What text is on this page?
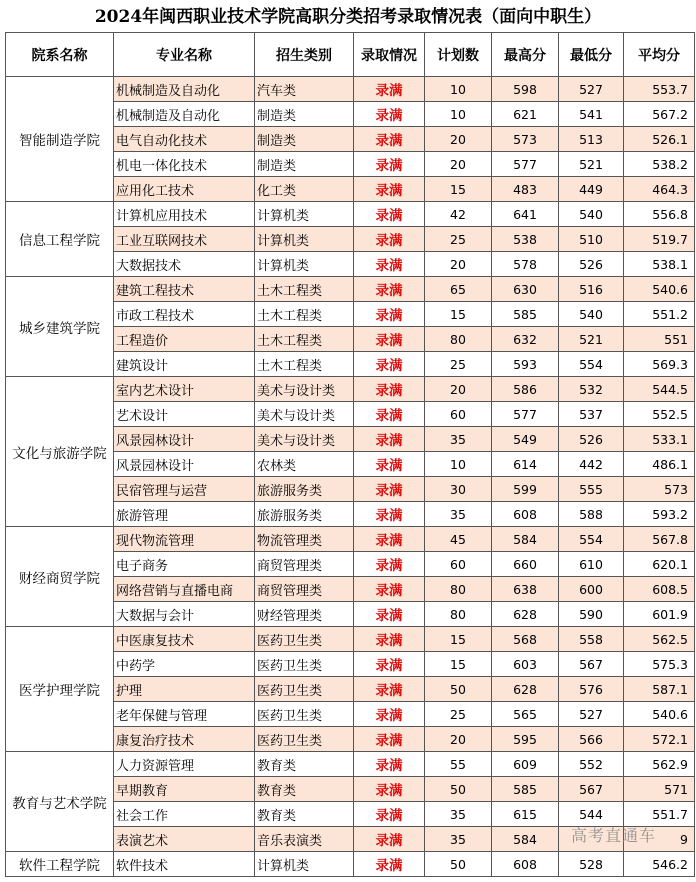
2024年闽西职业技术学院高职分类招考录取情况表（面向中职生）
院系名称	专业名称	招生类别	录取情况	计划数	最高分	最低分	平均分
智能制造学院	机械制造及自动化	汽车类	录满	10	598	527	553.7
	机械制造及自动化	制造类	录满	10	621	541	567.2
	电气自动化技术	制造类	录满	20	573	513	526.1
	机电一体化技术	制造类	录满	20	577	521	538.2
	应用化工技术	化工类	录满	15	483	449	464.3
信息工程学院	计算机应用技术	计算机类	录满	42	641	540	556.8
	工业互联网技术	计算机类	录满	25	538	510	519.7
	大数据技术	计算机类	录满	20	578	526	538.1
城乡建筑学院	建筑工程技术	土木工程类	录满	65	630	516	540.6
	市政工程技术	土木工程类	录满	15	585	540	551.2
	工程造价	土木工程类	录满	80	632	521	551
	建筑设计	土木工程类	录满	25	593	554	569.3
文化与旅游学院	室内艺术设计	美术与设计类	录满	20	586	532	544.5
	艺术设计	美术与设计类	录满	60	577	537	552.5
	风景园林设计	美术与设计类	录满	35	549	526	533.1
	风景园林设计	农林类	录满	10	614	442	486.1
	民宿管理与运营	旅游服务类	录满	30	599	555	573
	旅游管理	旅游服务类	录满	35	608	588	593.2
财经商贸学院	现代物流管理	物流管理类	录满	45	584	554	567.8
	电子商务	商贸管理类	录满	60	660	610	620.1
	网络营销与直播电商	商贸管理类	录满	80	638	600	608.5
	大数据与会计	财经管理类	录满	80	628	590	601.9
医学护理学院	中医康复技术	医药卫生类	录满	15	568	558	562.5
	中药学	医药卫生类	录满	15	603	567	575.3
	护理	医药卫生类	录满	50	628	576	587.1
	老年保健与管理	医药卫生类	录满	25	565	527	540.6
	康复治疗技术	医药卫生类	录满	20	595	566	572.1
教育与艺术学院	人力资源管理	教育类	录满	55	609	552	562.9
	早期教育	教育类	录满	50	585	567	571
	社会工作	教育类	录满	35	615	544	551.7
	表演艺术	音乐表演类	录满	35	584		9
软件工程学院	软件技术	计算机类	录满	50	608	528	546.2
高考直通车
